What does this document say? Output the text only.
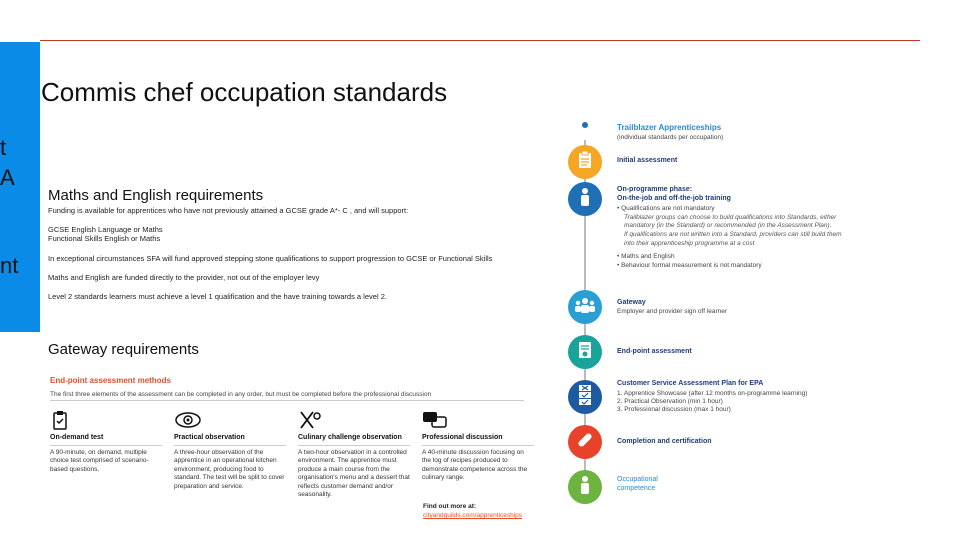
t
A
nt
Commis chef occupation standards
Maths and English requirements
Funding is available for apprentices who have not previously attained a GCSE grade A*- C , and will support:
GCSE English Language or Maths
Functional Skills English or Maths
In exceptional circumstances SFA will fund approved stepping stone qualifications to support progression to GCSE or Functional Skills
Maths and English are funded directly to the provider, not out of the employer levy
Level 2 standards learners must achieve a level 1 qualification and the have training towards a level 2.
Gateway requirements
End-point assessment methods
The first three elements of the assessment can be completed in any order, but must be completed before the professional discussion
On-demand test
A 90-minute, on demand, multiple choice test comprised of scenario-based questions.
Practical observation
A three-hour observation of the apprentice in an operational kitchen environment, producing food to standard. The test will be split to cover preparation and service.
Culinary challenge observation
A two-hour observation in a controlled environment. The apprentice must produce a main course from the organisation's menu and a dessert that reflects customer demand and/or seasonality.
Professional discussion
A 40-minute discussion focusing on the log of recipes produced to demonstrate competence across the culinary range.
Find out more at:
cityandguilds.com/apprenticeships
Trailblazer Apprenticeships
(individual standards per occupation)
Initial assessment
On-programme phase:
On-the-job and off-the-job training
• Qualifications are not mandatory
Trailblazer groups can choose to build qualifications into Standards, either
mandatory (in the Standard) or recommended (in the Assessment Plan).
If qualifications are not written into a Standard, providers can still build them
into their apprenticeship programme at a cost
• Maths and English
• Behaviour formal measurement is not mandatory
Gateway
Employer and provider sign off learner
End-point assessment
Customer Service Assessment Plan for EPA
1. Apprentice Showcase (after 12 months on-programme learning)
2. Practical Observation (min 1 hour)
3. Professional discussion (max 1 hour)
Completion and certification
Occupational
competence
